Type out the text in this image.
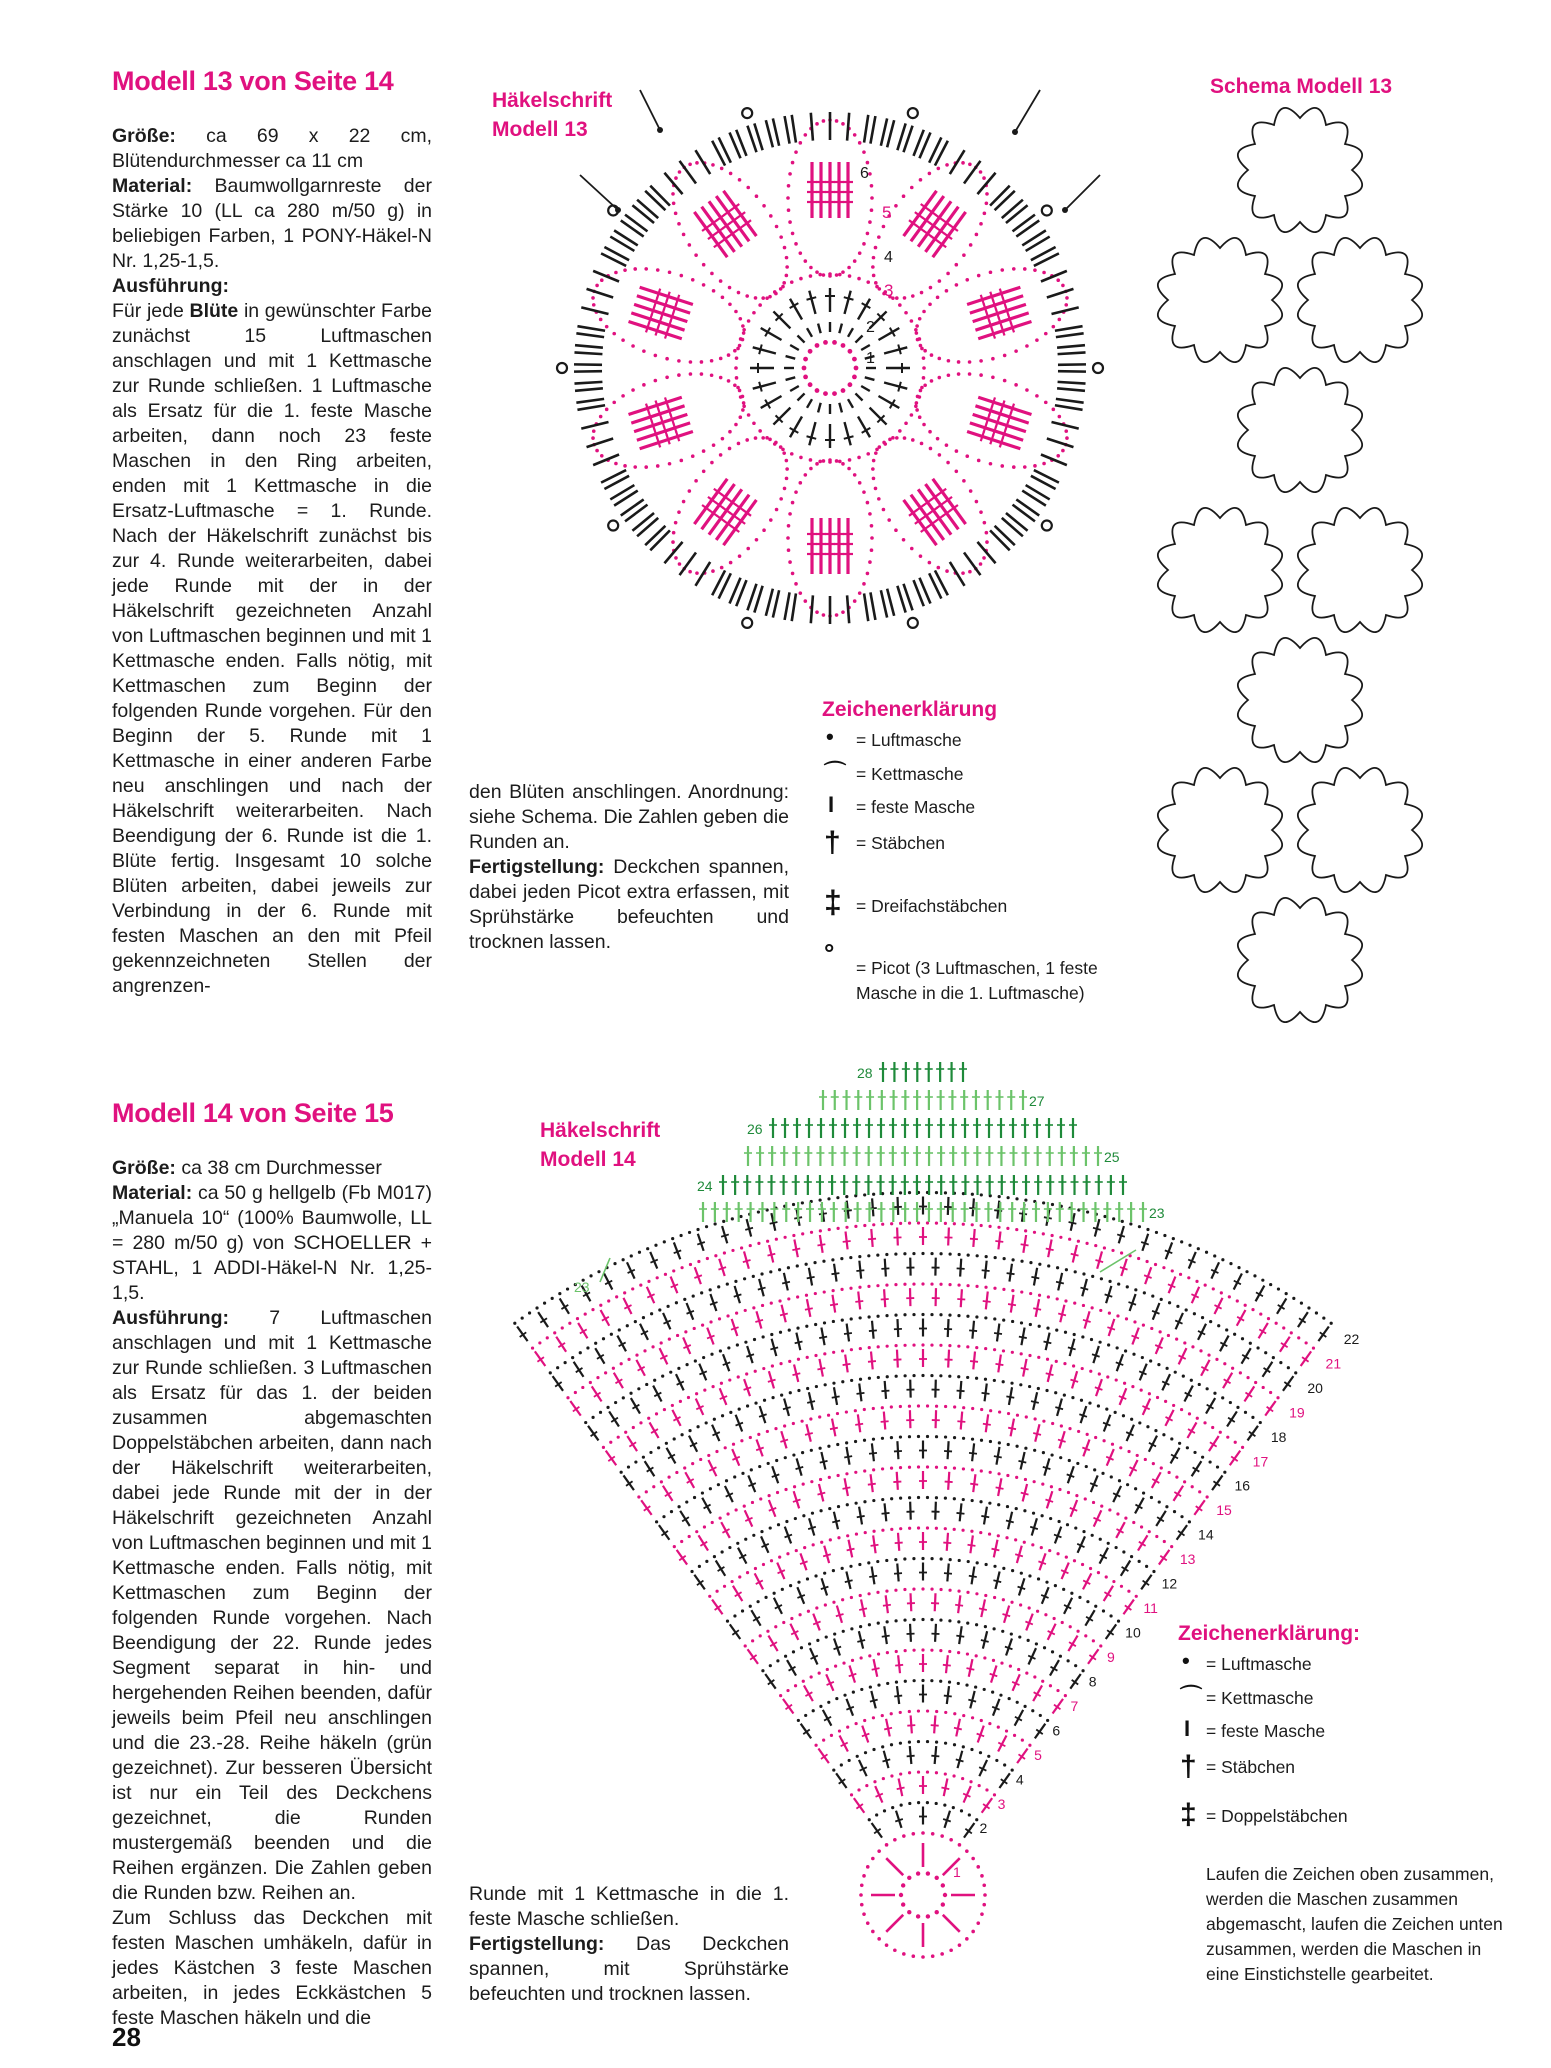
Modell 13 von Seite 14

Größe: ca 69 x 22 cm, Blütendurchmesser ca 11 cm

Material: Baumwollgarnreste der Stärke 10 (LL ca 280 m/50 g) in beliebigen Farben, 1 PONY-Häkel-N Nr. 1,25-1,5.

Ausführung:

Für jede Blüte in gewünschter Farbe zunächst 15 Luftmaschen anschlagen und mit 1 Kettmasche zur Runde schließen. 1 Luftmasche als Ersatz für die 1. feste Masche arbeiten, dann noch 23 feste Maschen in den Ring arbeiten, enden mit 1 Kettmasche in die Ersatz-Luftmasche = 1. Runde. Nach der Häkelschrift zunächst bis zur 4. Runde weiterarbeiten, dabei jede Runde mit der in der Häkelschrift gezeichneten Anzahl von Luftmaschen beginnen und mit 1 Kettmasche enden. Falls nötig, mit Kettmaschen zum Beginn der folgenden Runde vorgehen. Für den Beginn der 5. Runde mit 1 Kettmasche in einer anderen Farbe neu anschlingen und nach der Häkelschrift weiterarbeiten. Nach Beendigung der 6. Runde ist die 1. Blüte fertig. Insgesamt 10 solche Blüten arbeiten, dabei jeweils zur Verbindung in der 6. Runde mit festen Maschen an den mit Pfeil gekennzeichneten Stellen der angrenzen-

den Blüten anschlingen. Anordnung: siehe Schema. Die Zahlen geben die Runden an.

Fertigstellung: Deckchen spannen, dabei jeden Picot extra erfassen, mit Sprühstärke befeuchten und trocknen lassen.

Häkelschrift
Modell 13
Schema Modell 13
1
2
3
4
5
6
Zeichenerklärung
• = Luftmasche
⌒ = Kettmasche
I = feste Masche
† = Stäbchen
‡ = Dreifachstäbchen
° = Picot (3 Luftmaschen, 1 feste Masche in die 1. Luftmasche)
Modell 14 von Seite 15

Größe: ca 38 cm Durchmesser

Material: ca 50 g hellgelb (Fb M017) „Manuela 10“ (100% Baumwolle, LL = 280 m/50 g) von SCHOELLER + STAHL, 1 ADDI-Häkel-N Nr. 1,25-1,5.

Ausführung: 7 Luftmaschen anschlagen und mit 1 Kettmasche zur Runde schließen. 3 Luftmaschen als Ersatz für das 1. der beiden zusammen abgemaschten Doppelstäbchen arbeiten, dann nach der Häkelschrift weiterarbeiten, dabei jede Runde mit der in der Häkelschrift gezeichneten Anzahl von Luftmaschen beginnen und mit 1 Kettmasche enden. Falls nötig, mit Kettmaschen zum Beginn der folgenden Runde vorgehen. Nach Beendigung der 22. Runde jedes Segment separat in hin- und hergehenden Reihen beenden, dafür jeweils beim Pfeil neu anschlingen und die 23.-28. Reihe häkeln (grün gezeichnet). Zur besseren Übersicht ist nur ein Teil des Deckchens gezeichnet, die Runden mustergemäß beenden und die Reihen ergänzen. Die Zahlen geben die Runden bzw. Reihen an.

Zum Schluss das Deckchen mit festen Maschen umhäkeln, dafür in jedes Kästchen 3 feste Maschen arbeiten, in jedes Eckkästchen 5 feste Maschen häkeln und die

Runde mit 1 Kettmasche in die 1. feste Masche schließen.

Fertigstellung: Das Deckchen spannen, mit Sprühstärke befeuchten und trocknen lassen.

Häkelschrift
Modell 14
2
3
4
5
6
7
8
9
10
11
12
13
14
15
16
17
18
19
20
21
22
1
23
24
25
26
27
28
23
Zeichenerklärung:
• = Luftmasche
⌒ = Kettmasche
I = feste Masche
† = Stäbchen
‡ = Doppelstäbchen
Laufen die Zeichen oben zusammen, werden die Maschen zusammen abgemascht, laufen die Zeichen unten zusammen, werden die Maschen in eine Einstichstelle gearbeitet.
28
